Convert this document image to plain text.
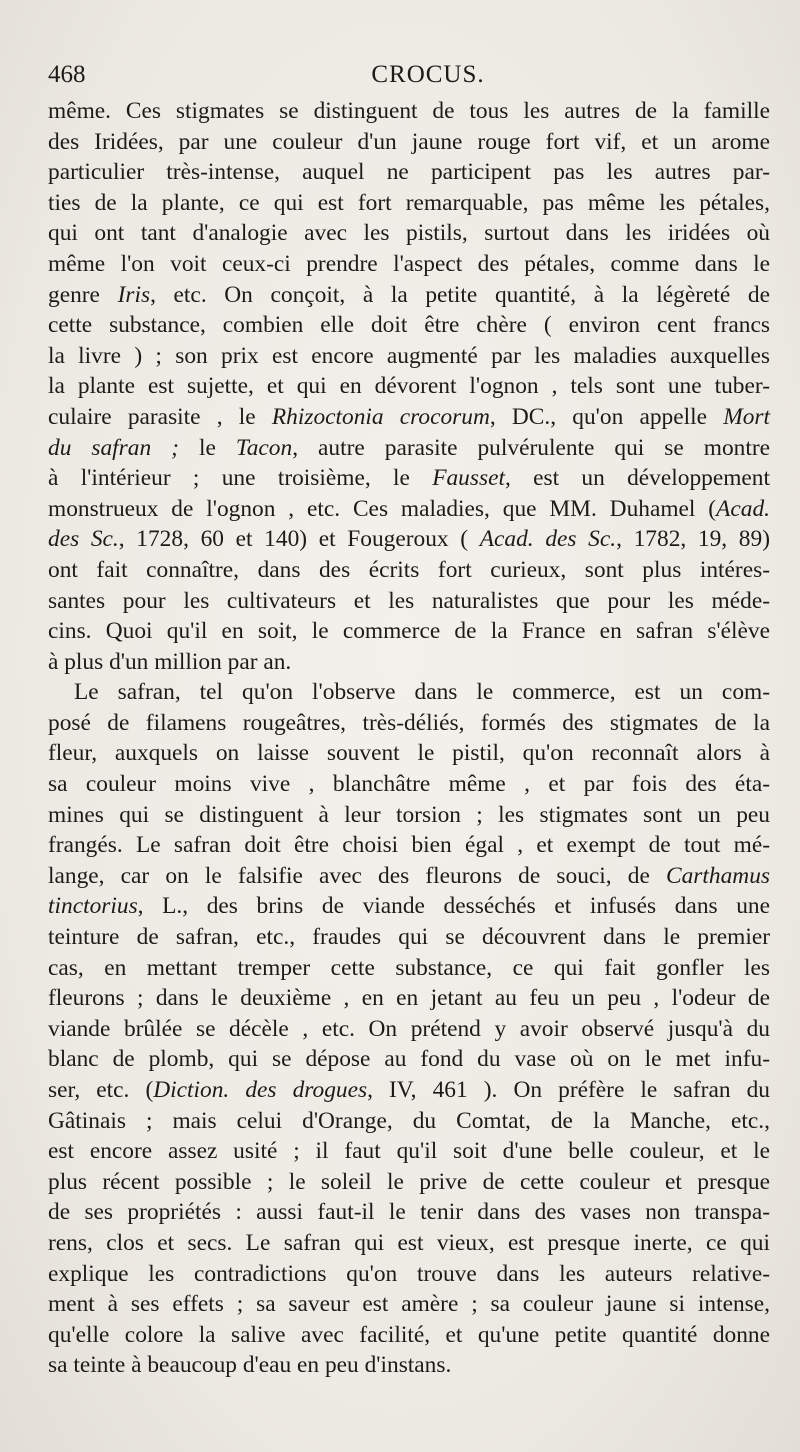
468	CROCUS.

même. Ces stigmates se distinguent de tous les autres de la famille
des Iridées, par une couleur d'un jaune rouge fort vif, et un arome
particulier très-intense, auquel ne participent pas les autres par-
ties de la plante, ce qui est fort remarquable, pas même les pétales,
qui ont tant d'analogie avec les pistils, surtout dans les iridées où
même l'on voit ceux-ci prendre l'aspect des pétales, comme dans le
genre Iris, etc. On conçoit, à la petite quantité, à la légèreté de
cette substance, combien elle doit être chère ( environ cent francs
la livre ) ; son prix est encore augmenté par les maladies auxquelles
la plante est sujette, et qui en dévorent l'ognon , tels sont une tuber-
culaire parasite , le Rhizoctonia crocorum, DC., qu'on appelle Mort
du safran ; le Tacon, autre parasite pulvérulente qui se montre
à l'intérieur ; une troisième, le Fausset, est un développement
monstrueux de l'ognon , etc. Ces maladies, que MM. Duhamel (Acad.
des Sc., 1728, 60 et 140) et Fougeroux ( Acad. des Sc., 1782, 19, 89)
ont fait connaître, dans des écrits fort curieux, sont plus intéres-
santes pour les cultivateurs et les naturalistes que pour les méde-
cins. Quoi qu'il en soit, le commerce de la France en safran s'élève
à plus d'un million par an.

Le safran, tel qu'on l'observe dans le commerce, est un com-
posé de filamens rougeâtres, très-déliés, formés des stigmates de la
fleur, auxquels on laisse souvent le pistil, qu'on reconnaît alors à
sa couleur moins vive , blanchâtre même , et par fois des éta-
mines qui se distinguent à leur torsion ; les stigmates sont un peu
frangés. Le safran doit être choisi bien égal , et exempt de tout mé-
lange, car on le falsifie avec des fleurons de souci, de Carthamus
tinctorius, L., des brins de viande desséchés et infusés dans une
teinture de safran, etc., fraudes qui se découvrent dans le premier
cas, en mettant tremper cette substance, ce qui fait gonfler les
fleurons ; dans le deuxième , en en jetant au feu un peu , l'odeur de
viande brûlée se décèle , etc. On prétend y avoir observé jusqu'à du
blanc de plomb, qui se dépose au fond du vase où on le met infu-
ser, etc. (Diction. des drogues, IV, 461 ). On préfère le safran du
Gâtinais ; mais celui d'Orange, du Comtat, de la Manche, etc.,
est encore assez usité ; il faut qu'il soit d'une belle couleur, et le
plus récent possible ; le soleil le prive de cette couleur et presque
de ses propriétés : aussi faut-il le tenir dans des vases non transpa-
rens, clos et secs. Le safran qui est vieux, est presque inerte, ce qui
explique les contradictions qu'on trouve dans les auteurs relative-
ment à ses effets ; sa saveur est amère ; sa couleur jaune si intense,
qu'elle colore la salive avec facilité, et qu'une petite quantité donne
sa teinte à beaucoup d'eau en peu d'instans.
